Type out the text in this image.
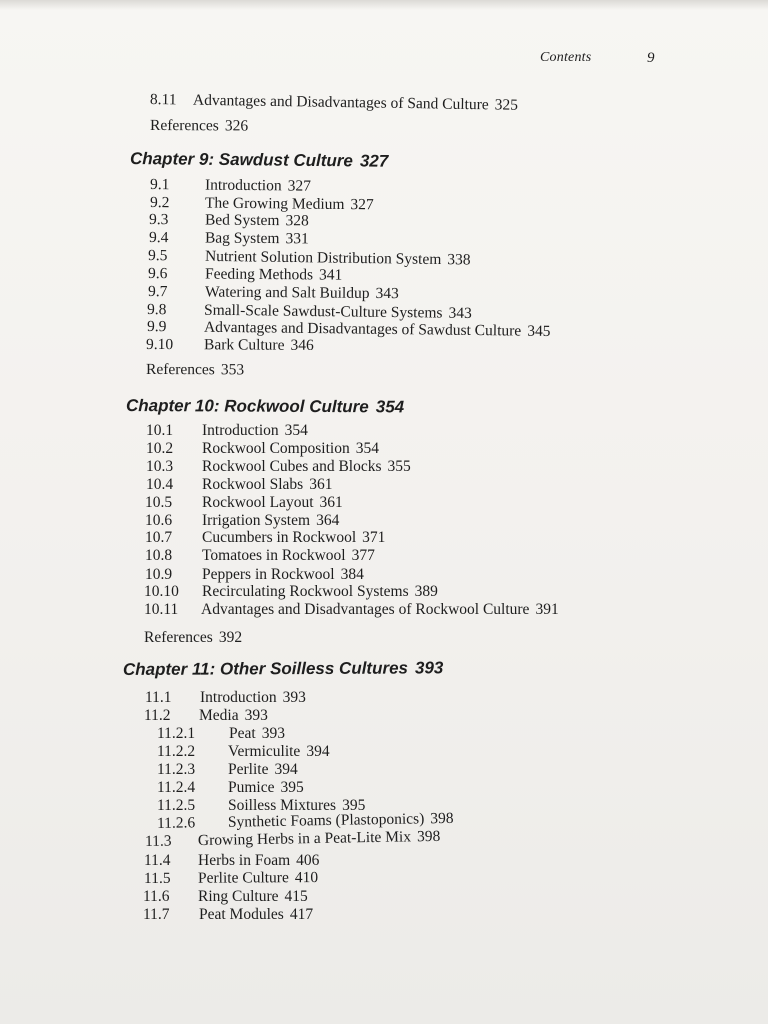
Contents	9
8.11 Advantages and Disadvantages of Sand Culture 325
References 326
Chapter 9: Sawdust Culture 327
9.1 Introduction 327
9.2 The Growing Medium 327
9.3 Bed System 328
9.4 Bag System 331
9.5 Nutrient Solution Distribution System 338
9.6 Feeding Methods 341
9.7 Watering and Salt Buildup 343
9.8 Small-Scale Sawdust-Culture Systems 343
9.9 Advantages and Disadvantages of Sawdust Culture 345
9.10 Bark Culture 346
References 353
Chapter 10: Rockwool Culture 354
10.1 Introduction 354
10.2 Rockwool Composition 354
10.3 Rockwool Cubes and Blocks 355
10.4 Rockwool Slabs 361
10.5 Rockwool Layout 361
10.6 Irrigation System 364
10.7 Cucumbers in Rockwool 371
10.8 Tomatoes in Rockwool 377
10.9 Peppers in Rockwool 384
10.10 Recirculating Rockwool Systems 389
10.11 Advantages and Disadvantages of Rockwool Culture 391
References 392
Chapter 11: Other Soilless Cultures 393
11.1 Introduction 393
11.2 Media 393
11.2.1 Peat 393
11.2.2 Vermiculite 394
11.2.3 Perlite 394
11.2.4 Pumice 395
11.2.5 Soilless Mixtures 395
11.2.6 Synthetic Foams (Plastoponics) 398
11.3 Growing Herbs in a Peat-Lite Mix 398
11.4 Herbs in Foam 406
11.5 Perlite Culture 410
11.6 Ring Culture 415
11.7 Peat Modules 417
